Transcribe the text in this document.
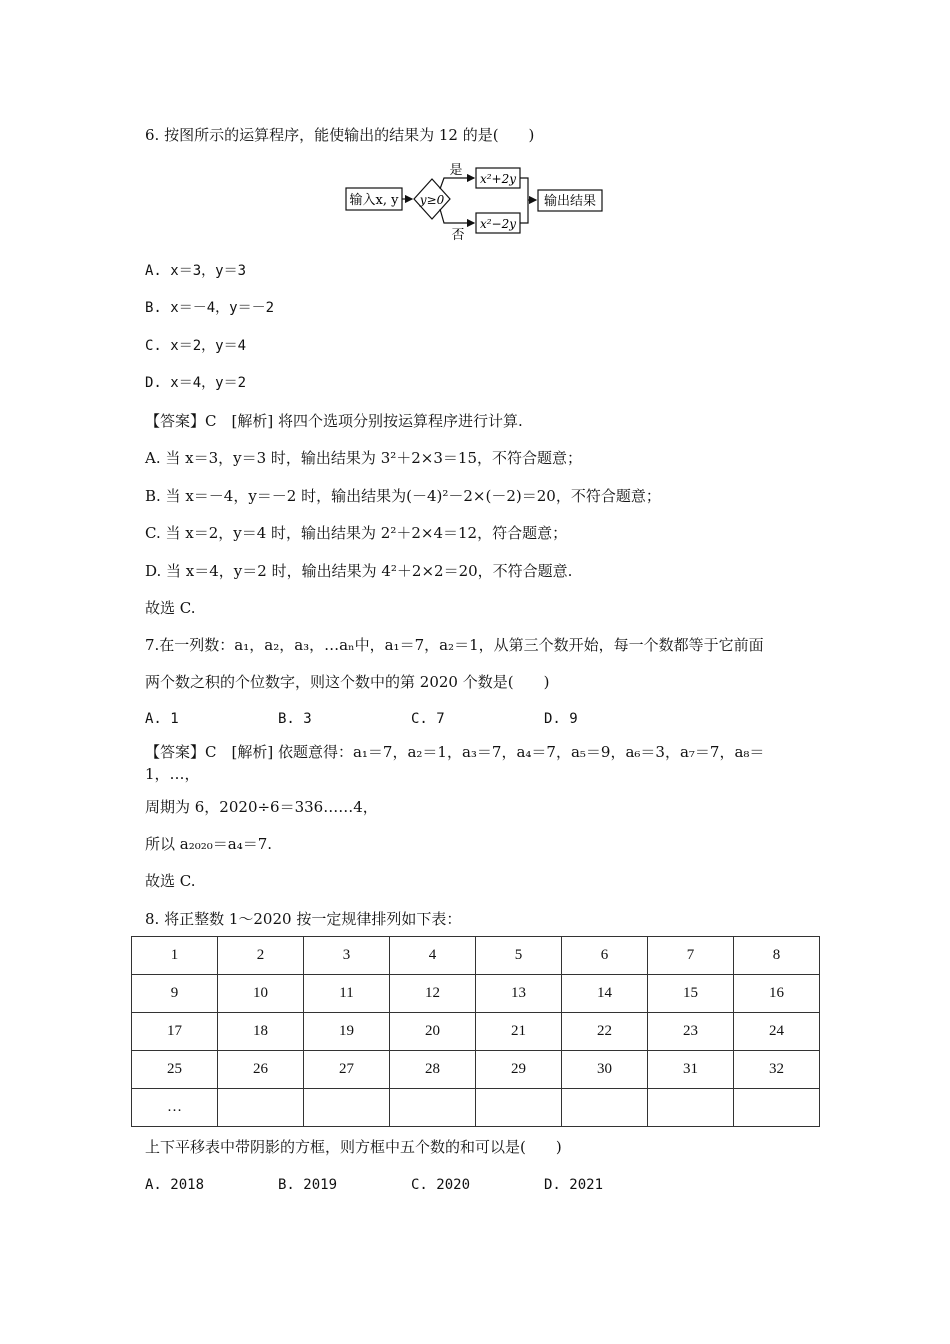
6. 按图所示的运算程序，能使输出的结果为 12 的是(　　)
输入x, y y≥0
是
否
x²+2y
x²−2y
输出结果
A. x＝3，y＝3
B. x＝－4，y＝－2
C. x＝2，y＝4
D. x＝4，y＝2
【答案】C　[解析] 将四个选项分别按运算程序进行计算.
A. 当 x＝3，y＝3 时，输出结果为 3²＋2×3＝15，不符合题意；
B. 当 x＝－4，y＝－2 时，输出结果为(－4)²－2×(－2)＝20，不符合题意；
C. 当 x＝2，y＝4 时，输出结果为 2²＋2×4＝12，符合题意；
D. 当 x＝4，y＝2 时，输出结果为 4²＋2×2＝20，不符合题意.
故选 C.
7.在一列数：a₁，a₂，a₃，…aₙ中，a₁＝7，a₂＝1，从第三个数开始，每一个数都等于它前面
两个数之积的个位数字，则这个数中的第 2020 个数是(　　)
A. 1	B. 3	C. 7	D. 9
【答案】C　[解析] 依题意得：a₁＝7，a₂＝1，a₃＝7，a₄＝7，a₅＝9，a₆＝3，a₇＝7，a₈＝
1，…，
周期为 6，2020÷6＝336……4，
所以 a₂₀₂₀＝a₄＝7.
故选 C.
8. 将正整数 1～2020 按一定规律排列如下表：
1	2	3	4	5	6	7	8
9	10	11	12	13	14	15	16
17	18	19	20	21	22	23	24
25	26	27	28	29	30	31	32
…							
上下平移表中带阴影的方框，则方框中五个数的和可以是(　　)
A. 2018	B. 2019	C. 2020	D. 2021
